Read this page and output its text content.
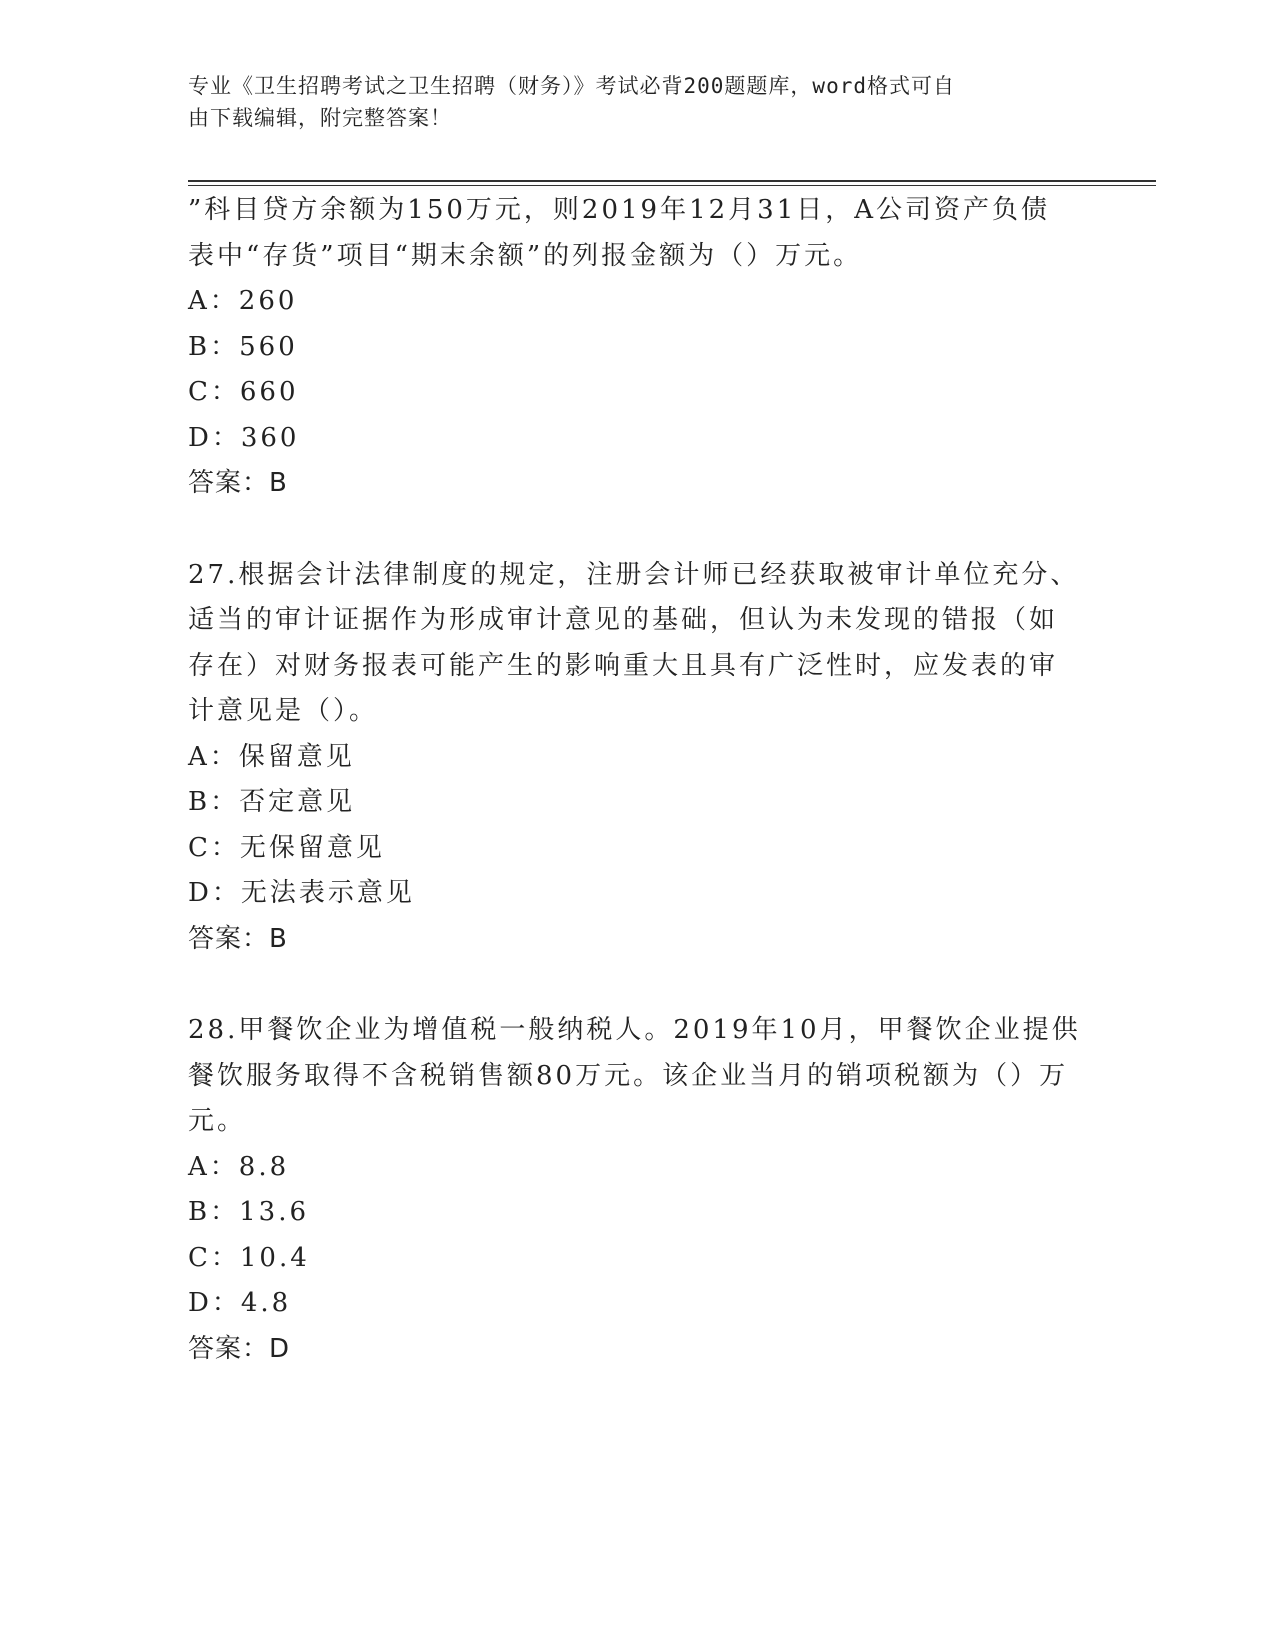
专业《卫生招聘考试之卫生招聘（财务）》考试必背200题题库，word格式可自
由下载编辑，附完整答案！

”科目贷方余额为150万元，则2019年12月31日，A公司资产负债

表中“存货”项目“期末余额”的列报金额为（）万元。

A：260

B：560

C：660

D：360

答案：B

27.根据会计法律制度的规定，注册会计师已经获取被审计单位充分、

适当的审计证据作为形成审计意见的基础，但认为未发现的错报（如

存在）对财务报表可能产生的影响重大且具有广泛性时，应发表的审

计意见是（）。

A：保留意见

B：否定意见

C：无保留意见

D：无法表示意见

答案：B

28.甲餐饮企业为增值税一般纳税人。2019年10月，甲餐饮企业提供

餐饮服务取得不含税销售额80万元。该企业当月的销项税额为（）万

元。

A：8.8

B：13.6

C：10.4

D：4.8

答案：D
